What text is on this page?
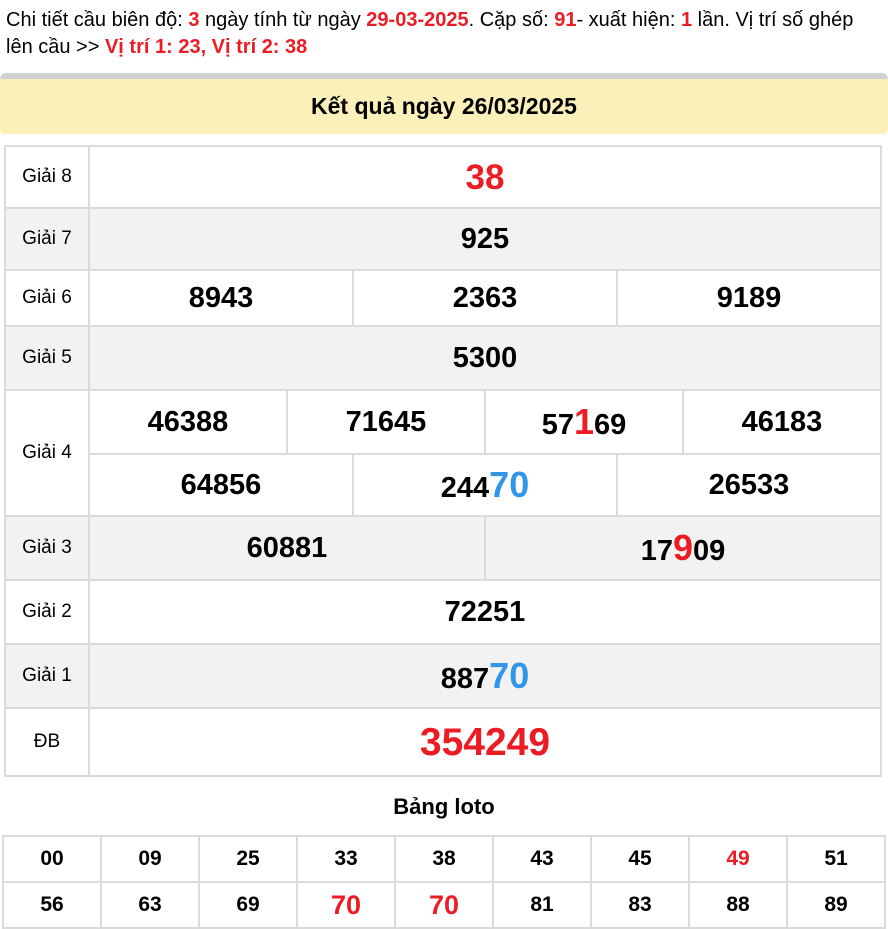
Chi tiết cầu biên độ: 3 ngày tính từ ngày 29-03-2025. Cặp số: 91- xuất hiện: 1 lần. Vị trí số ghép lên cầu >> Vị trí 1: 23, Vị trí 2: 38
Kết quả ngày 26/03/2025
Giải 8	38
Giải 7	925
Giải 6	8943	2363	9189
Giải 5	5300
Giải 4
46388	71645	57169	46183
64856	24470	26533
Giải 3	60881	17909
Giải 2	72251
Giải 1	88770
ĐB	354249
Bảng loto
00	09	25	33	38	43	45	49	51
56	63	69	70	70	81	83	88	89
